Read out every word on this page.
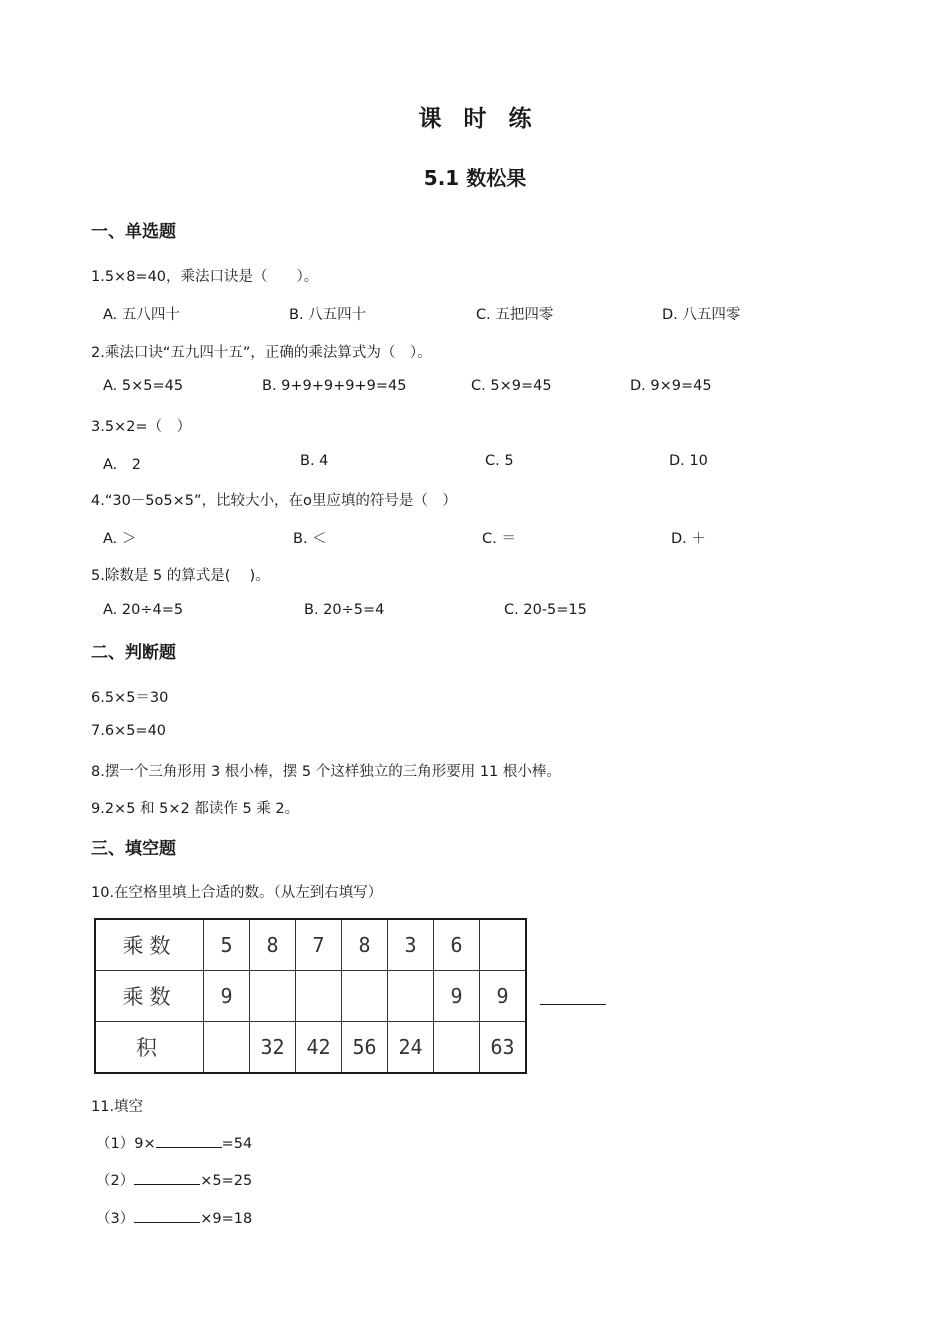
课时练
5.1 数松果
一、单选题
1.5×8=40，乘法口诀是（　　）。
A. 五八四十	B. 八五四十	C. 五把四零	D. 八五四零
2.乘法口诀“五九四十五”，正确的乘法算式为（　）。
A. 5×5=45	B. 9+9+9+9+9=45	C. 5×9=45	D. 9×9=45
3.5×2=（　）
A.　2	B. 4	C. 5	D. 10
4.“30－5o5×5”，比较大小，在o里应填的符号是（　）
A. ＞	B. ＜	C. ＝	D. ＋
5.除数是 5 的算式是(　 )。
A. 20÷4=5	B. 20÷5=4	C. 20-5=15
二、判断题
6.5×5＝30
7.6×5=40
8.摆一个三角形用 3 根小棒，摆 5 个这样独立的三角形要用 11 根小棒。
9.2×5 和 5×2 都读作 5 乘 2。
三、填空题
10.在空格里填上合适的数。（从左到右填写）
乘数	5	8	7	8	3	6	
乘数	9					9	9
积		32	42	56	24		63
11.填空
（1）9×	=54
（2）	×5=25
（3）	×9=18
